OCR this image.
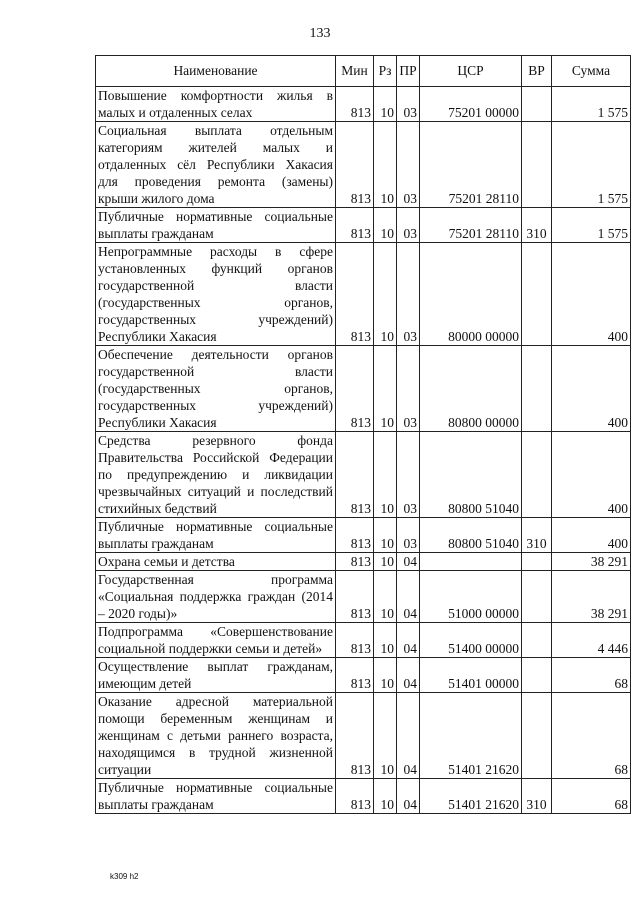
133
Наименование	Мин	Рз	ПР	ЦСР	ВР	Сумма
Повышение комфортности жилья в малых и отдаленных селах	813	10	03	75201 00000		1 575
Социальная выплата отдельным категориям жителей малых и отдаленных сёл Республики Хакасия для проведения ремонта (замены) крыши жилого дома	813	10	03	75201 28110		1 575
Публичные нормативные социальные выплаты гражданам	813	10	03	75201 28110	310	1 575
Непрограммные расходы в сфере установленных функций органов государственной власти (государственных органов, государственных учреждений) Республики Хакасия	813	10	03	80000 00000		400
Обеспечение деятельности органов государственной власти (государственных органов, государственных учреждений) Республики Хакасия	813	10	03	80800 00000		400
Средства резервного фонда Правительства Российской Федерации по предупреждению и ликвидации чрезвычайных ситуаций и последствий стихийных бедствий	813	10	03	80800 51040		400
Публичные нормативные социальные выплаты гражданам	813	10	03	80800 51040	310	400
Охрана семьи и детства	813	10	04			38 291
Государственная программа «Социальная поддержка граждан (2014 – 2020 годы)»	813	10	04	51000 00000		38 291
Подпрограмма «Совершенствование социальной поддержки семьи и детей»	813	10	04	51400 00000		4 446
Осуществление выплат гражданам, имеющим детей	813	10	04	51401 00000		68
Оказание адресной материальной помощи беременным женщинам и женщинам с детьми раннего возраста, находящимся в трудной жизненной ситуации	813	10	04	51401 21620		68
Публичные нормативные социальные выплаты гражданам	813	10	04	51401 21620	310	68
k309 h2
